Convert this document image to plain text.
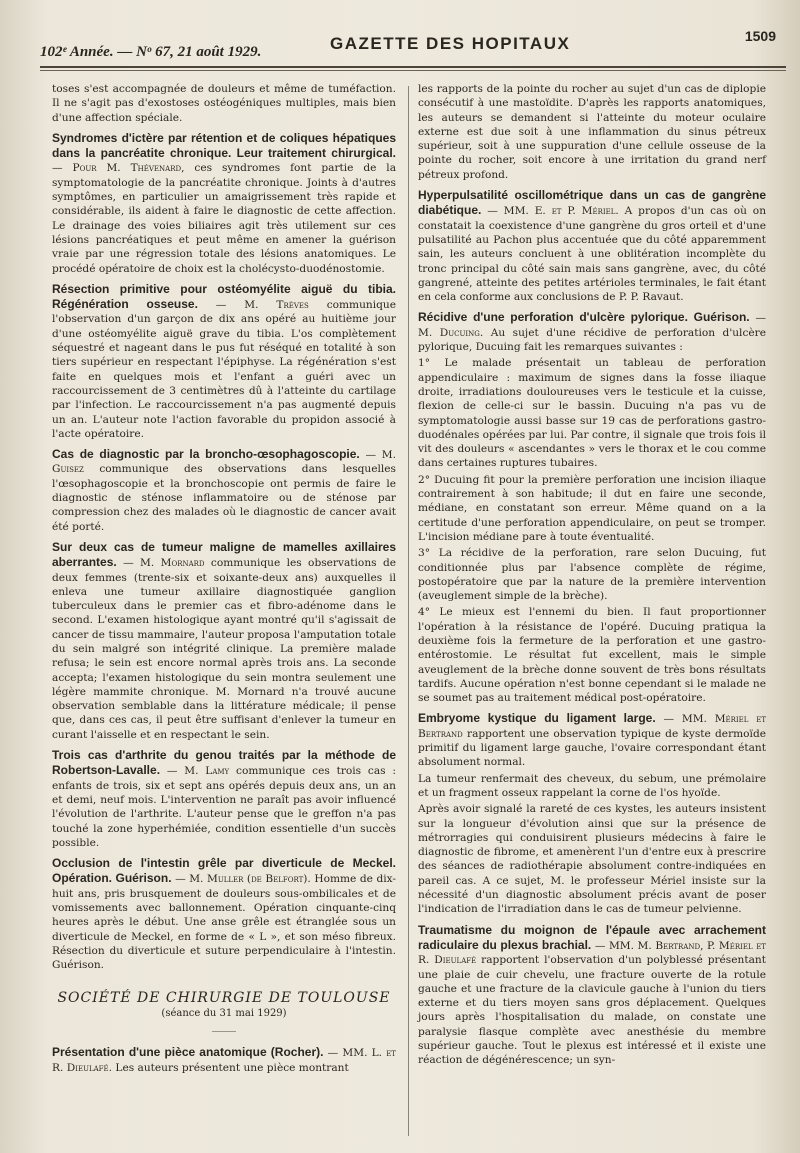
102ᵉ Année. — Nᵒ 67, 21 août 1929.	GAZETTE DES HOPITAUX	1509

toses s'est accompagnée de douleurs et même de tuméfaction. Il ne s'agit pas d'exostoses ostéogéniques multiples, mais bien d'une affection spéciale.

Syndromes d'ictère par rétention et de coliques hépatiques dans la pancréatite chronique. Leur traitement chirurgical. — Pour M. Thévenard, ces syndromes font partie de la symptomatologie de la pancréatite chronique. Joints à d'autres symptômes, en particulier un amaigrissement très rapide et considérable, ils aident à faire le diagnostic de cette affection. Le drainage des voies biliaires agit très utilement sur ces lésions pancréatiques et peut même en amener la guérison vraie par une régression totale des lésions anatomiques. Le procédé opératoire de choix est la cholécysto-duodénostomie.

Résection primitive pour ostéomyélite aiguë du tibia. Régénération osseuse. — M. Trèves communique l'observation d'un garçon de dix ans opéré au huitième jour d'une ostéomyélite aiguë grave du tibia. L'os complètement séquestré et nageant dans le pus fut réséqué en totalité à son tiers supérieur en respectant l'épiphyse. La régénération s'est faite en quelques mois et l'enfant a guéri avec un raccourcissement de 3 centimètres dû à l'atteinte du cartilage par l'infection. Le raccourcissement n'a pas augmenté depuis un an. L'auteur note l'action favorable du propidon associé à l'acte opératoire.

Cas de diagnostic par la broncho-œsophagoscopie. — M. Guisez communique des observations dans lesquelles l'œsophagoscopie et la bronchoscopie ont permis de faire le diagnostic de sténose inflammatoire ou de sténose par compression chez des malades où le diagnostic de cancer avait été porté.

Sur deux cas de tumeur maligne de mamelles axillaires aberrantes. — M. Mornard communique les observations de deux femmes (trente-six et soixante-deux ans) auxquelles il enleva une tumeur axillaire diagnostiquée ganglion tuberculeux dans le premier cas et fibro-adénome dans le second. L'examen histologique ayant montré qu'il s'agissait de cancer de tissu mammaire, l'auteur proposa l'amputation totale du sein malgré son intégrité clinique. La première malade refusa; le sein est encore normal après trois ans. La seconde accepta; l'examen histologique du sein montra seulement une légère mammite chronique. M. Mornard n'a trouvé aucune observation semblable dans la littérature médicale; il pense que, dans ces cas, il peut être suffisant d'enlever la tumeur en curant l'aisselle et en respectant le sein.

Trois cas d'arthrite du genou traités par la méthode de Robertson-Lavalle. — M. Lamy communique ces trois cas : enfants de trois, six et sept ans opérés depuis deux ans, un an et demi, neuf mois. L'intervention ne paraît pas avoir influencé l'évolution de l'arthrite. L'auteur pense que le greffon n'a pas touché la zone hyperhémiée, condition essentielle d'un succès possible.

Occlusion de l'intestin grêle par diverticule de Meckel. Opération. Guérison. — M. Muller (de Belfort). Homme de dix-huit ans, pris brusquement de douleurs sous-ombilicales et de vomissements avec ballonnement. Opération cinquante-cinq heures après le début. Une anse grêle est étranglée sous un diverticule de Meckel, en forme de « L », et son méso fibreux. Résection du diverticule et suture perpendiculaire à l'intestin. Guérison.

SOCIÉTÉ DE CHIRURGIE DE TOULOUSE
(séance du 31 mai 1929)
⸻

Présentation d'une pièce anatomique (Rocher). — MM. L. et R. Dieulafé. Les auteurs présentent une pièce montrant

les rapports de la pointe du rocher au sujet d'un cas de diplopie consécutif à une mastoïdite. D'après les rapports anatomiques, les auteurs se demandent si l'atteinte du moteur oculaire externe est due soit à une inflammation du sinus pétreux supérieur, soit à une suppuration d'une cellule osseuse de la pointe du rocher, soit encore à une irritation du grand nerf pétreux profond.

Hyperpulsatilité oscillométrique dans un cas de gangrène diabétique. — MM. E. et P. Mériel. A propos d'un cas où on constatait la coexistence d'une gangrène du gros orteil et d'une pulsatilité au Pachon plus accentuée que du côté apparemment sain, les auteurs concluent à une oblitération incomplète du tronc principal du côté sain mais sans gangrène, avec, du côté gangrené, atteinte des petites artérioles terminales, le fait étant en cela conforme aux conclusions de P. P. Ravaut.

Récidive d'une perforation d'ulcère pylorique. Guérison. — M. Ducuing. Au sujet d'une récidive de perforation d'ulcère pylorique, Ducuing fait les remarques suivantes :

1° Le malade présentait un tableau de perforation appendiculaire : maximum de signes dans la fosse iliaque droite, irradiations douloureuses vers le testicule et la cuisse, flexion de celle-ci sur le bassin. Ducuing n'a pas vu de symptomatologie aussi basse sur 19 cas de perforations gastro-duodénales opérées par lui. Par contre, il signale que trois fois il vit des douleurs « ascendantes » vers le thorax et le cou comme dans certaines ruptures tubaires.

2° Ducuing fit pour la première perforation une incision iliaque contrairement à son habitude; il dut en faire une seconde, médiane, en constatant son erreur. Même quand on a la certitude d'une perforation appendiculaire, on peut se tromper. L'incision médiane pare à toute éventualité.

3° La récidive de la perforation, rare selon Ducuing, fut conditionnée plus par l'absence complète de régime, postopératoire que par la nature de la première intervention (aveuglement simple de la brèche).

4° Le mieux est l'ennemi du bien. Il faut proportionner l'opération à la résistance de l'opéré. Ducuing pratiqua la deuxième fois la fermeture de la perforation et une gastro-entérostomie. Le résultat fut excellent, mais le simple aveuglement de la brèche donne souvent de très bons résultats tardifs. Aucune opération n'est bonne cependant si le malade ne se soumet pas au traitement médical post-opératoire.

Embryome kystique du ligament large. — MM. Mériel et Bertrand rapportent une observation typique de kyste dermoïde primitif du ligament large gauche, l'ovaire correspondant étant absolument normal.

La tumeur renfermait des cheveux, du sebum, une prémolaire et un fragment osseux rappelant la corne de l'os hyoïde.

Après avoir signalé la rareté de ces kystes, les auteurs insistent sur la longueur d'évolution ainsi que sur la présence de métrorragies qui conduisirent plusieurs médecins à faire le diagnostic de fibrome, et amenèrent l'un d'entre eux à prescrire des séances de radiothérapie absolument contre-indiquées en pareil cas. A ce sujet, M. le professeur Mériel insiste sur la nécessité d'un diagnostic absolument précis avant de poser l'indication de l'irradiation dans le cas de tumeur pelvienne.

Traumatisme du moignon de l'épaule avec arrachement radiculaire du plexus brachial. — MM. M. Bertrand, P. Mériel et R. Dieulafé rapportent l'observation d'un polyblessé présentant une plaie de cuir chevelu, une fracture ouverte de la rotule gauche et une fracture de la clavicule gauche à l'union du tiers externe et du tiers moyen sans gros déplacement. Quelques jours après l'hospitalisation du malade, on constate une paralysie flasque complète avec anesthésie du membre supérieur gauche. Tout le plexus est intéressé et il existe une réaction de dégénérescence; un syn-
